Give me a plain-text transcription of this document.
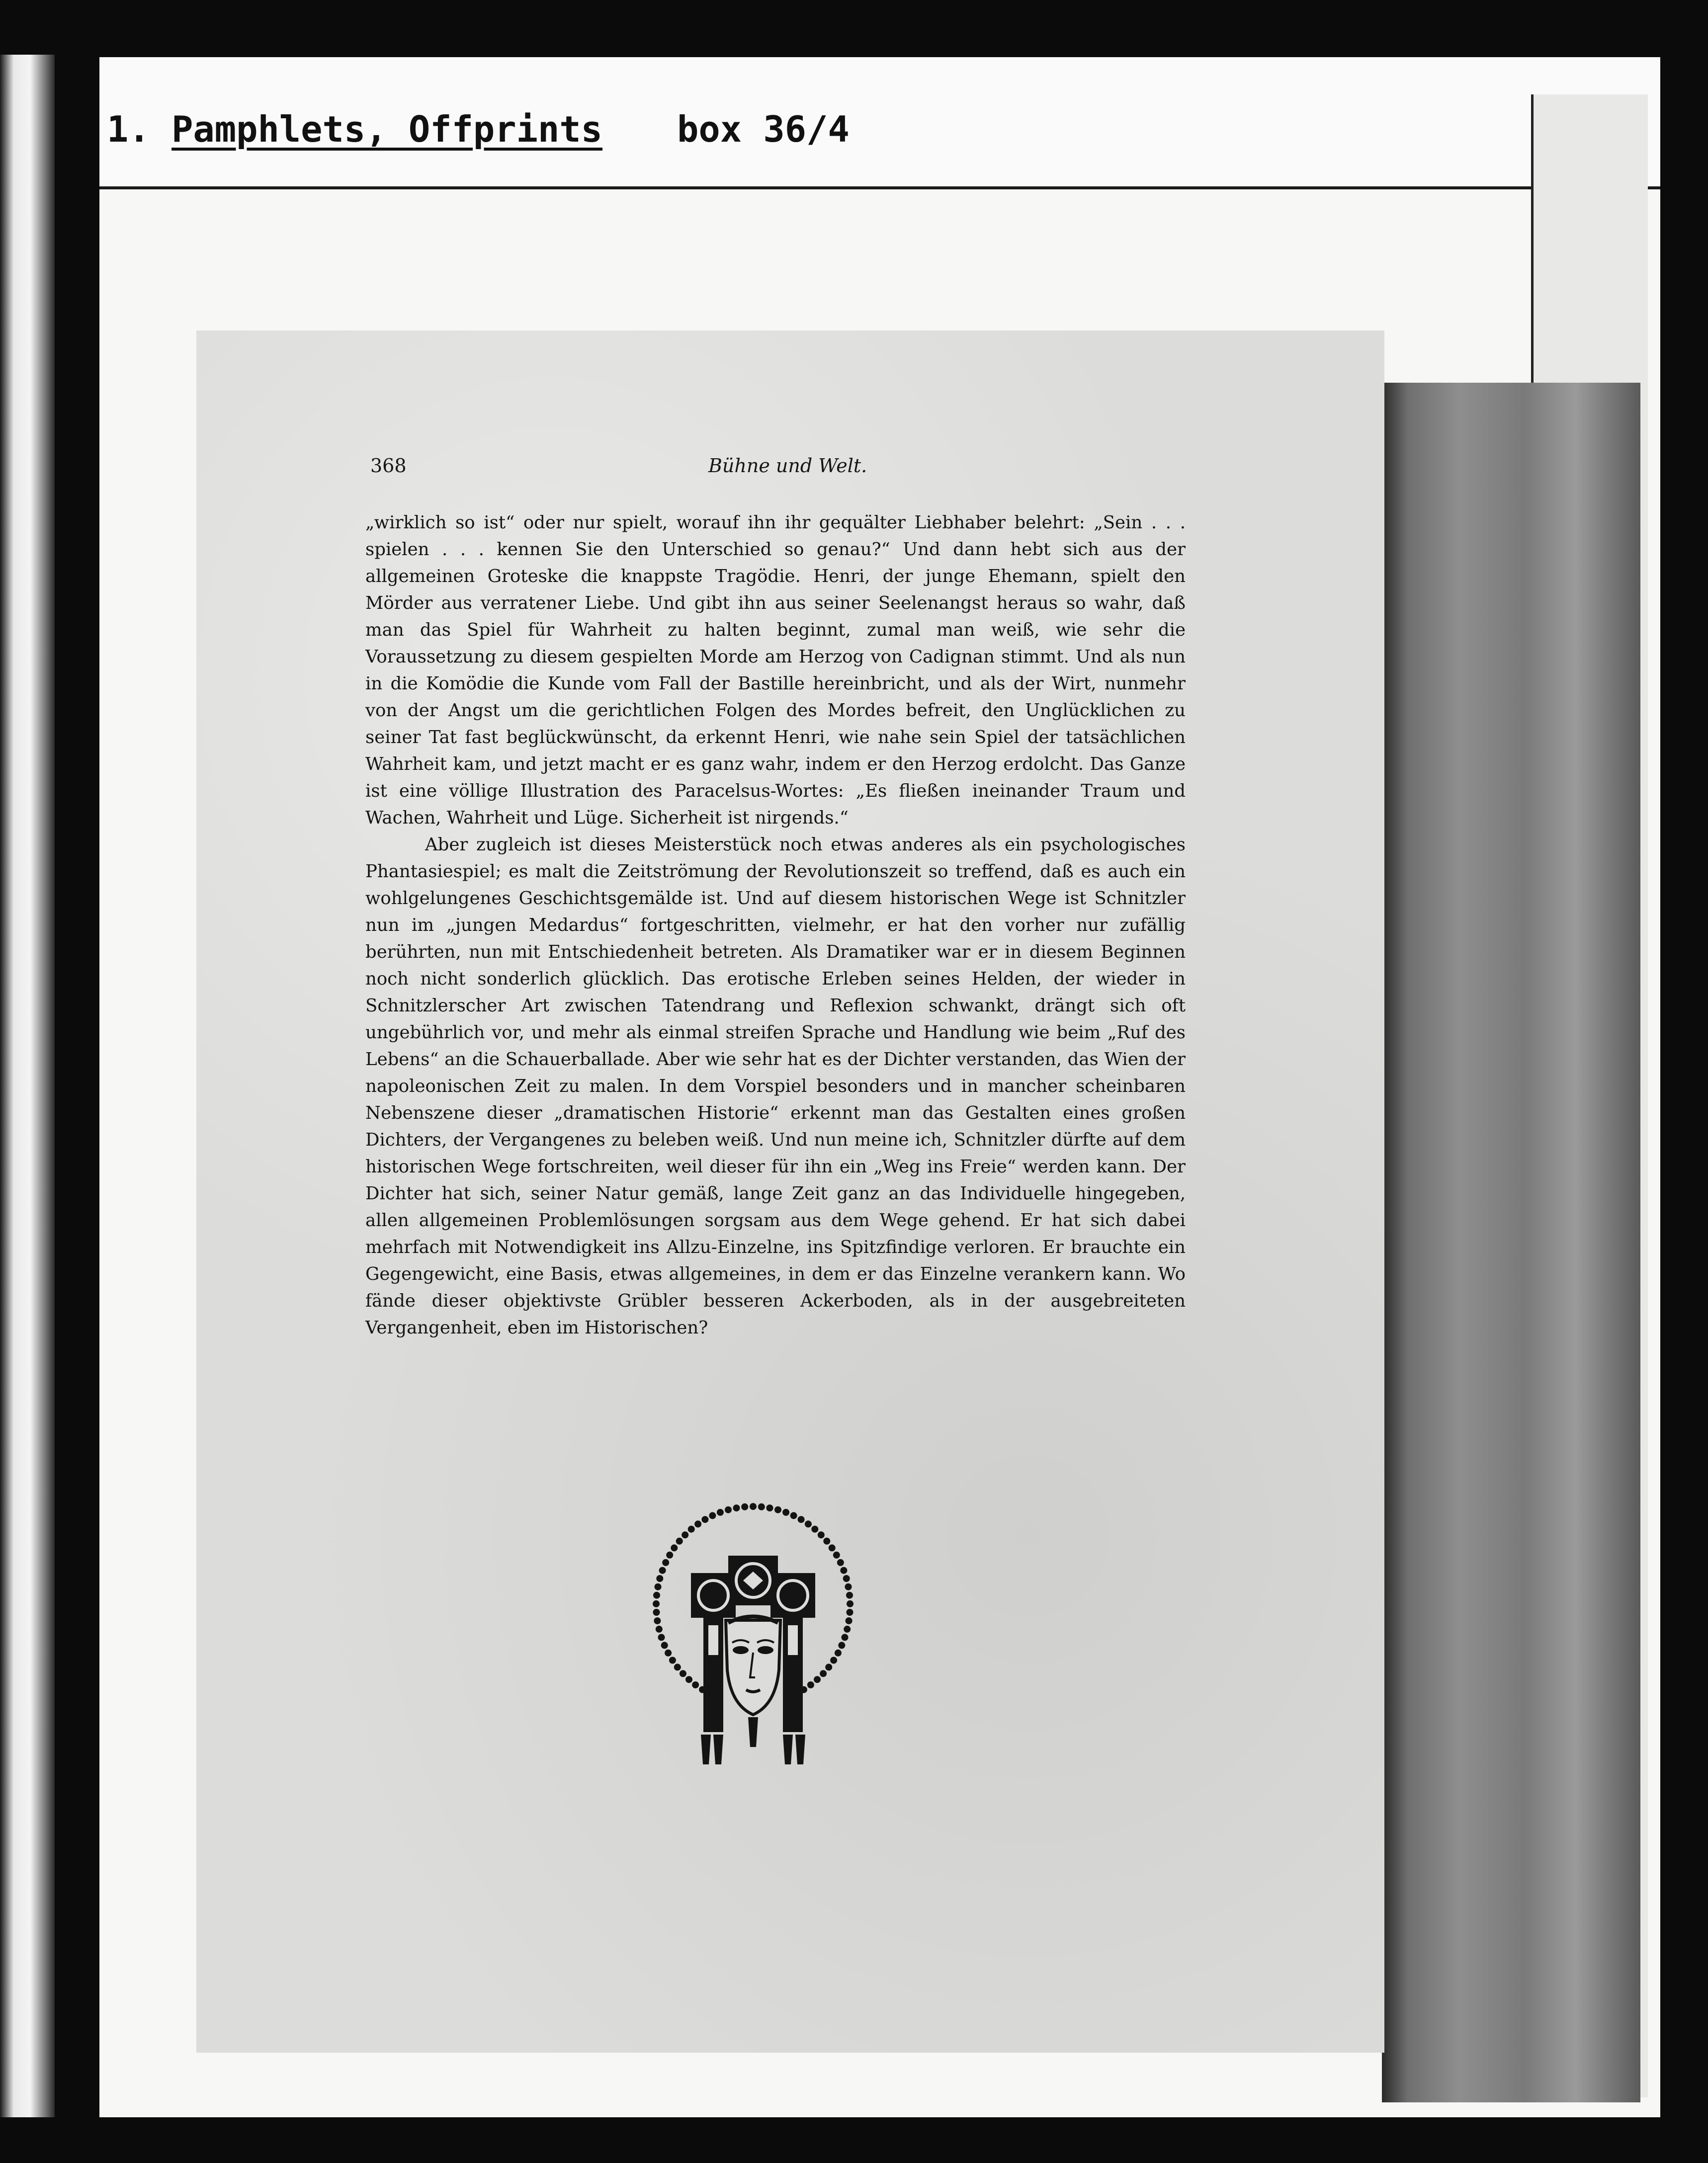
1. Pamphlets, Offprints box 36/4
368	Bühne und Welt.

„wirklich so ist“ oder nur spielt, worauf ihn ihr gequälter Liebhaber belehrt: „Sein . . . spielen . . . kennen Sie den Unterschied so genau?“ Und dann hebt sich aus der allgemeinen Groteske die knappste Tragödie. Henri, der junge Ehemann, spielt den Mörder aus verratener Liebe. Und gibt ihn aus seiner Seelenangst heraus so wahr, daß man das Spiel für Wahrheit zu halten beginnt, zumal man weiß, wie sehr die Voraussetzung zu diesem gespielten Morde am Herzog von Cadignan stimmt. Und als nun in die Komödie die Kunde vom Fall der Bastille hereinbricht, und als der Wirt, nunmehr von der Angst um die gerichtlichen Folgen des Mordes befreit, den Unglücklichen zu seiner Tat fast beglückwünscht, da erkennt Henri, wie nahe sein Spiel der tatsächlichen Wahrheit kam, und jetzt macht er es ganz wahr, indem er den Herzog erdolcht. Das Ganze ist eine völlige Illustration des Paracelsus-Wortes: „Es fließen ineinander Traum und Wachen, Wahrheit und Lüge. Sicherheit ist nirgends.“

Aber zugleich ist dieses Meisterstück noch etwas anderes als ein psychologisches Phantasiespiel; es malt die Zeitströmung der Revolutionszeit so treffend, daß es auch ein wohlgelungenes Geschichtsgemälde ist. Und auf diesem historischen Wege ist Schnitzler nun im „jungen Medardus“ fortgeschritten, vielmehr, er hat den vorher nur zufällig berührten, nun mit Entschiedenheit betreten. Als Dramatiker war er in diesem Beginnen noch nicht sonderlich glücklich. Das erotische Erleben seines Helden, der wieder in Schnitzlerscher Art zwischen Tatendrang und Reflexion schwankt, drängt sich oft ungebührlich vor, und mehr als einmal streifen Sprache und Handlung wie beim „Ruf des Lebens“ an die Schauerballade. Aber wie sehr hat es der Dichter verstanden, das Wien der napoleonischen Zeit zu malen. In dem Vorspiel besonders und in mancher scheinbaren Nebenszene dieser „dramatischen Historie“ erkennt man das Gestalten eines großen Dichters, der Vergangenes zu beleben weiß. Und nun meine ich, Schnitzler dürfte auf dem historischen Wege fortschreiten, weil dieser für ihn ein „Weg ins Freie“ werden kann. Der Dichter hat sich, seiner Natur gemäß, lange Zeit ganz an das Individuelle hingegeben, allen allgemeinen Problemlösungen sorgsam aus dem Wege gehend. Er hat sich dabei mehrfach mit Notwendigkeit ins Allzu-Einzelne, ins Spitzfindige verloren. Er brauchte ein Gegengewicht, eine Basis, etwas allgemeines, in dem er das Einzelne verankern kann. Wo fände dieser objektivste Grübler besseren Ackerboden, als in der ausgebreiteten Vergangenheit, eben im Historischen?
